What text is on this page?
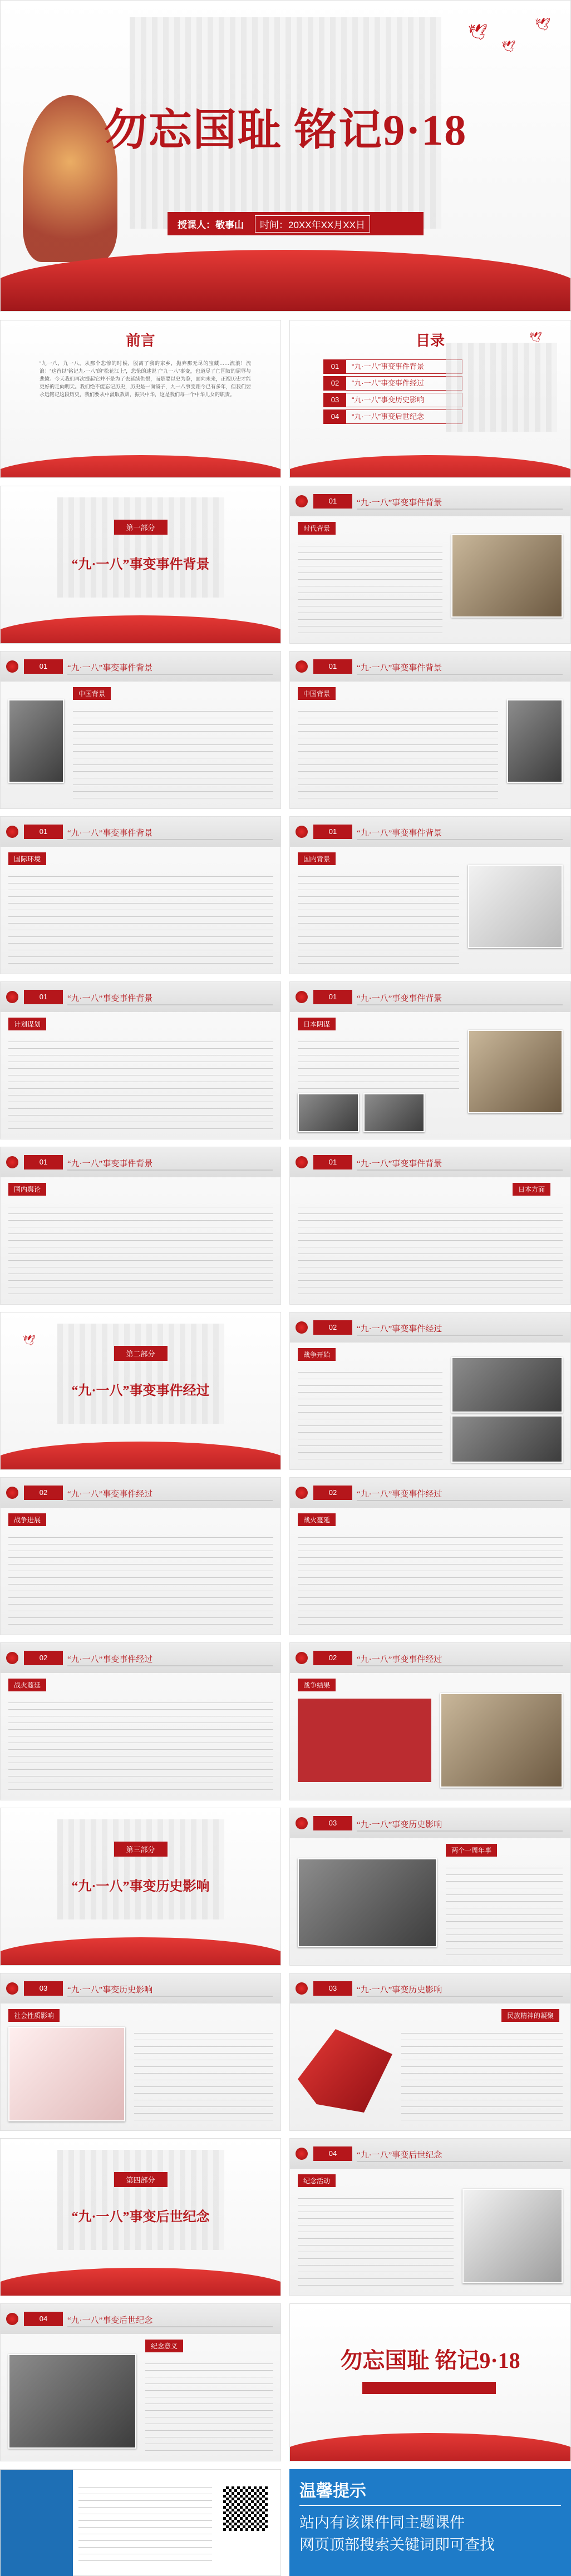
勿忘国耻 铭记9·18
授课人：敬事山	时间：20XX年XX月XX日
🕊
🕊
🕊
前言
“九一八，九一八，从那个悲惨的时候，脱离了我的家乡，抛弃那无尽的宝藏……流浪！流浪！”这首以“铭记九·一八”的“松花江上”，悲怆的述说了“九一八”事变，也道尽了亡国奴的屈辱与悲愤。今天我们再次提起它并不是为了去延续仇恨，而是要以史为鉴，面向未来，正视历史才能更好的走向明天。我们绝不能忘记历史，历史是一面镜子，九一八事变距今已有多年，但我们要永远铭记这段历史，我们要从中汲取教训，振兴中华，这是我们每一个中华儿女的职责。
目录
01	“九·一八”事变事件背景
02	“九·一八”事变事件经过
03	“九·一八”事变历史影响
04	“九·一八”事变后世纪念
🕊
第一部分
“九·一八”事变事件背景
01	“九·一八”事变事件背景
时代背景
01	“九·一八”事变事件背景
中国背景
01	“九·一八”事变事件背景
中国背景
01	“九·一八”事变事件背景
国际环境
01	“九·一八”事变事件背景
国内背景
01	“九·一八”事变事件背景
计划谋划
01	“九·一八”事变事件背景
日本阴谋
01	“九·一八”事变事件背景
国内舆论
01	“九·一八”事变事件背景
日本方面
第二部分
“九·一八”事变事件经过
🕊
02	“九·一八”事变事件经过
战争开始
02	“九·一八”事变事件经过
战争进展
02	“九·一八”事变事件经过
战火蔓延
02	“九·一八”事变事件经过
战火蔓延
02	“九·一八”事变事件经过
战争结果
第三部分
“九·一八”事变历史影响
03	“九·一八”事变历史影响
两个一周年事
03	“九·一八”事变历史影响
社会性质影响
03	“九·一八”事变历史影响
民族精神的凝聚
第四部分
“九·一八”事变后世纪念
04	“九·一八”事变后世纪念
纪念活动
04	“九·一八”事变后世纪念
纪念意义
勿忘国耻 铭记9·18
温馨提示
站内有该课件同主题课件
网页顶部搜索关键词即可查找
